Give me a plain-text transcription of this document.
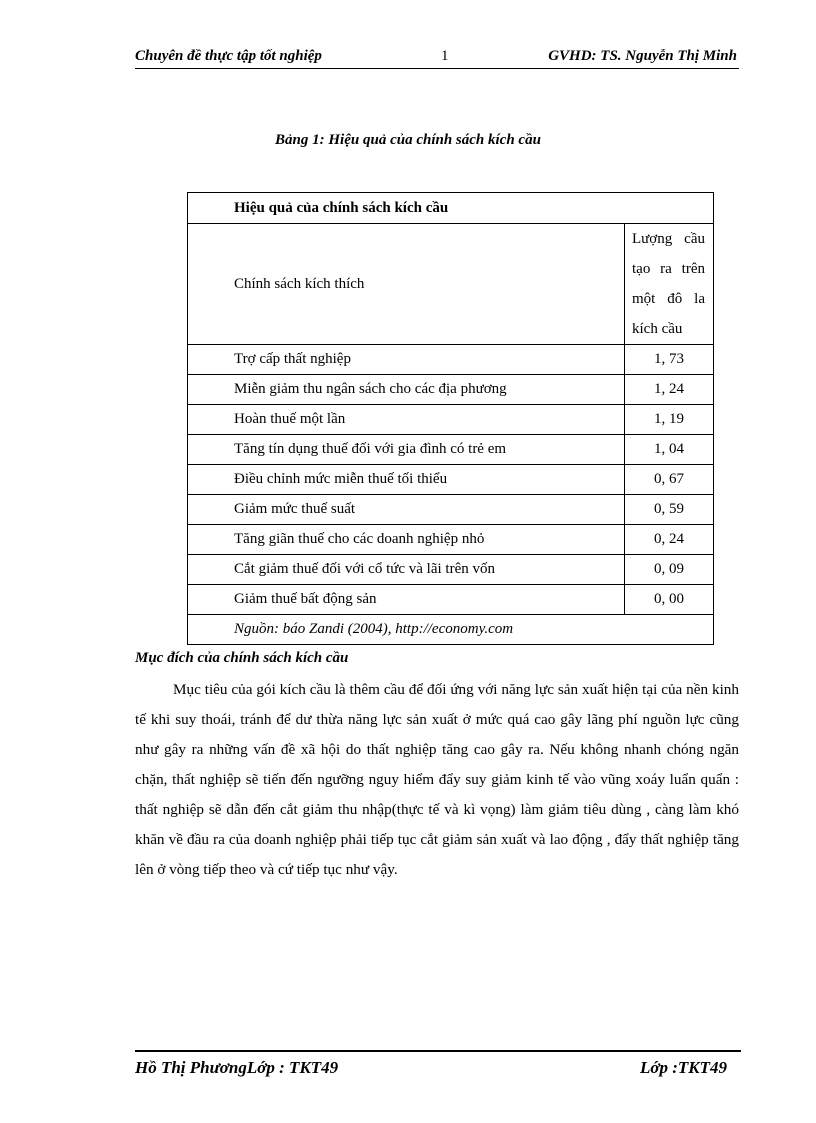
Chuyên đề thực tập tốt nghiệp	1	GVHD: TS. Nguyễn Thị Minh
Bảng 1: Hiệu quả của chính sách kích cầu
Hiệu quả của chính sách kích cầu	
Chính sách kích thích	Lượng cầu tạo ra trên một đô la kích cầu
Trợ cấp thất nghiệp	1, 73
Miễn giảm thu ngân sách cho các địa phương	1, 24
Hoàn thuế một lần	1, 19
Tăng tín dụng thuế đối với gia đình có trẻ em	1, 04
Điều chỉnh mức miễn thuế tối thiểu	0, 67
Giảm mức thuế suất	0, 59
Tăng giãn thuế cho các doanh nghiệp nhỏ	0, 24
Cắt giảm thuế đối với cổ tức và lãi trên vốn	0, 09
Giảm thuế bất động sản	0, 00
Nguồn: báo Zandi (2004), http://economy.com	
Mục đích của chính sách kích cầu

Mục tiêu của gói kích cầu là thêm cầu để đối ứng với năng lực sản xuất hiện tại của nền kinh tế khi suy thoái, tránh để dư thừa năng lực sản xuất ở mức quá cao gây lãng phí nguồn lực cũng như gây ra những vấn đề xã hội do thất nghiệp tăng cao gây ra. Nếu không nhanh chóng ngăn chặn, thất nghiệp sẽ tiến đến ngưỡng nguy hiểm đẩy suy giảm kinh tế vào vũng xoáy luẩn quẩn : thất nghiệp sẽ dẫn đến cắt giảm thu nhập(thực tế và kì vọng) làm giảm tiêu dùng , càng làm khó khăn về đầu ra của doanh nghiệp phải tiếp tục cắt giảm sản xuất và lao động , đẩy thất nghiệp tăng lên ở vòng tiếp theo và cứ tiếp tục như vậy.

Hồ Thị PhươngLớp : TKT49	Lớp :TKT49
